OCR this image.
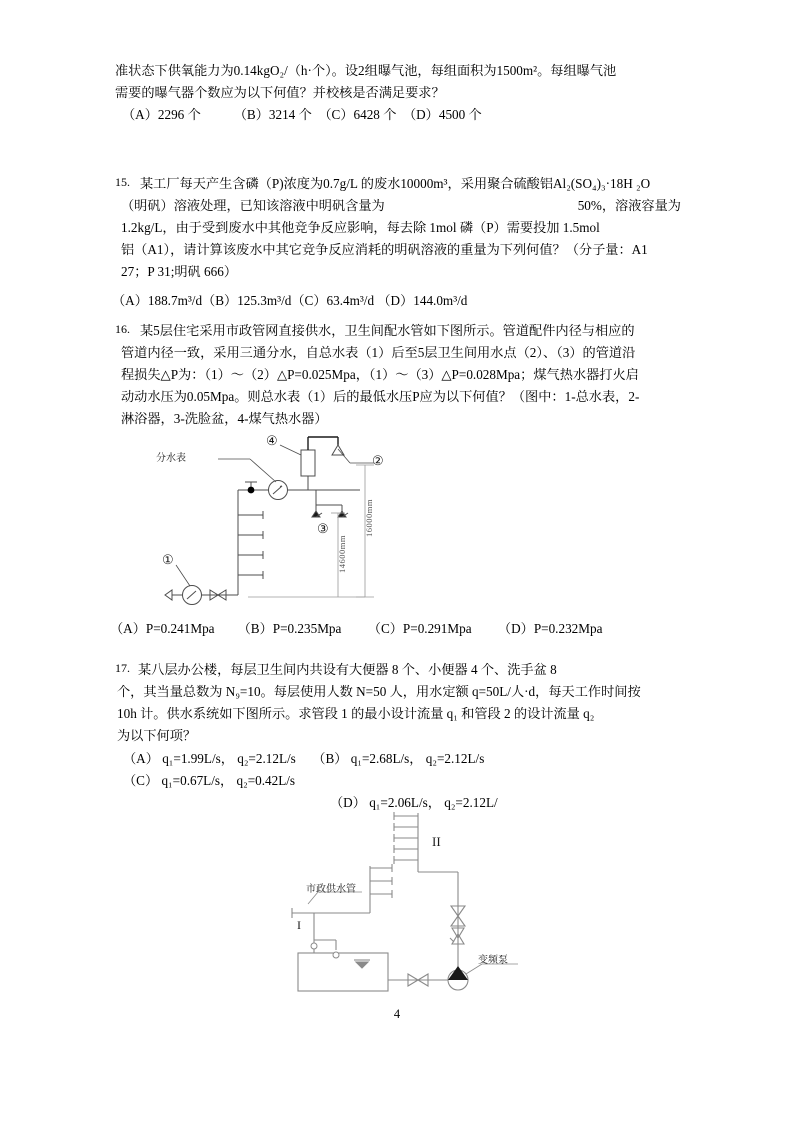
准状态下供氧能力为0.14kgO₂/（h·个）。设2组曝气池，每组面积为1500m²。每组曝气池
需要的曝气器个数应为以下何值？并校核是否满足要求？
（A）2296 个          （B）3214 个  （C）6428 个  （D）4500 个
15. 某工厂每天产生含磷（P)浓度为0.7g/L 的废水10000m³，采用聚合硫酸铝Al₂(SO₄)₃·18H ₂O
（明矾）溶液处理，已知该溶液中明矾含量为	50%，溶液容量为
1.2kg/L，由于受到废水中其他竞争反应影响，每去除 1mol 磷（P）需要投加 1.5mol
铝（A1），请计算该废水中其它竞争反应消耗的明矾溶液的重量为下列何值？（分子量：A1
27；P 31;明矾 666）
（A）188.7m³/d（B）125.3m³/d（C）63.4m³/d （D）144.0m³/d
16. 某5层住宅采用市政管网直接供水，卫生间配水管如下图所示。管道配件内径与相应的
管道内径一致，采用三通分水，自总水表（1）后至5层卫生间用水点（2）、（3）的管道沿
程损失△P为：（1）～（2）△P=0.025Mpa，（1）～（3）△P=0.028Mpa；煤气热水器打火启
动动水压为0.05Mpa。则总水表（1）后的最低水压P应为以下何值？（图中：1-总水表，2-
淋浴器，3-洗脸盆，4-煤气热水器）
分水表
①
②
③
④
16000mm
14600mm
（A）P=0.241Mpa       （B）P=0.235Mpa        （C）P=0.291Mpa        （D）P=0.232Mpa
17. 某八层办公楼，每层卫生间内共设有大便器 8 个、小便器 4 个、洗手盆 8
个，其当量总数为 N₉=10。每层使用人数 N=50 人，用水定额 q=50L/人·d，每天工作时间按
10h 计。供水系统如下图所示。求管段 1 的最小设计流量 q₁ 和管段 2 的设计流量 q₂
为以下何项？
（A） q₁=1.99L/s， q₂=2.12L/s     （B） q₁=2.68L/s， q₂=2.12L/s
（C） q₁=0.67L/s， q₂=0.42L/s
（D） q₁=2.06L/s， q₂=2.12L/
市政供水管
变频泵
I
II
4
